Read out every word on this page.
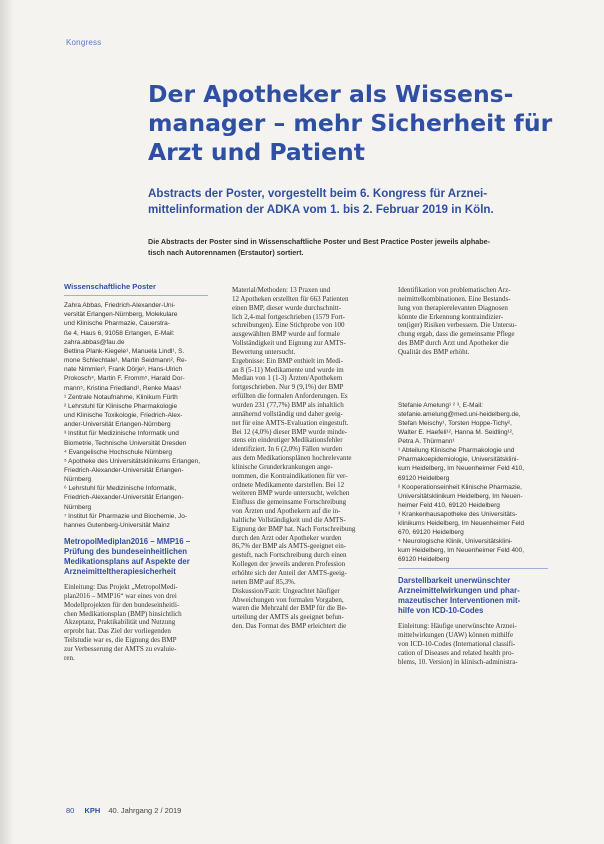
Kongress
Der Apotheker als Wissens-
manager – mehr Sicherheit für
Arzt und Patient

Abstracts der Poster, vorgestellt beim 6. Kongress für Arznei-
mittelinformation der ADKA vom 1. bis 2. Februar 2019 in Köln.

Die Abstracts der Poster sind in Wissenschaftliche Poster und Best Practice Poster jeweils alphabe-
tisch nach Autorennamen (Erstautor) sortiert.

Wissenschaftliche Poster

Zahra Abbas, Friedrich-Alexander-Uni-

versität Erlangen-Nürnberg, Molekulare

und Klinische Pharmazie, Cauerstra-

ße 4, Haus 6, 91058 Erlangen, E-Mail:

zahra.abbas@fau.de

Bettina Plank-Kiegele¹, Manuela Lindl¹, S.

mone Schlechtale¹, Martin Seidmann², Re-

nate Nimmler³, Frank Dörje³, Hans-Ulrich

Prokosch⁴, Martin F. Fromm⁵, Harald Dor-

mann⁵, Kristina Friedland¹, Renke Maas¹

¹ Zentrale Notaufnahme, Klinikum Fürth

² Lehrstuhl für Klinische Pharmakologie

und Klinische Toxikologie, Friedrich-Alex-

ander-Universität Erlangen-Nürnberg

³ Institut für Medizinische Informatik und

Biometrie, Technische Universität Dresden

⁴ Evangelische Hochschule Nürnberg

⁵ Apotheke des Universitätsklinikums Erlangen,

Friedrich-Alexander-Universität Erlangen-

Nürnberg

⁶ Lehrstuhl für Medizinische Informatik,

Friedrich-Alexander-Universität Erlangen-

Nürnberg

⁷ Institut für Pharmazie und Biochemie, Jo-

hannes Gutenberg-Universität Mainz

MetropolMediplan2016 – MMP16 –

Prüfung des bundeseinheitlichen

Medikationsplans auf Aspekte der

Arzneimitteltherapiesicherheit

Einleitung: Das Projekt „MetropolMedi-

plan2016 – MMP16“ war eines von drei

Modellprojekten für den bundeseinheitli-

chen Medikationsplan (BMP) hinsichtlich

Akzeptanz, Praktikabilität und Nutzung

erprobt hat. Das Ziel der vorliegenden

Teilstudie war es, die Eignung des BMP

zur Verbesserung der AMTS zu evaluie-

ren.

Material/Methoden: 13 Praxen und

12 Apotheken erstellten für 663 Patienten

einen BMP, dieser wurde durchschnitt-

lich 2,4-mal fortgeschrieben (1579 Fort-

schreibungen). Eine Stichprobe von 100

ausgewählten BMP wurde auf formale

Vollständigkeit und Eignung zur AMTS-

Bewertung untersucht.

Ergebnisse: Ein BMP enthielt im Medi-

an 8 (5-11) Medikamente und wurde im

Median von 1 (1-3) Ärzten/Apothekern

fortgeschrieben. Nur 9 (9,1%) der BMP

erfüllten die formalen Anforderungen. Es

wurden 231 (77,7%) BMP als inhaltlich

annähernd vollständig und daher geeig-

net für eine AMTS-Evaluation eingestuft.

Bei 12 (4,0%) dieser BMP wurde minde-

stens ein eindeutiger Medikationsfehler

identifiziert. In 6 (2,0%) Fällen wurden

aus dem Medikationsplänen hochrelevante

klinische Grunderkrankungen ange-

nommen, die Kontraindikationen für ver-

ordnete Medikamente darstellen. Bei 12

weiteren BMP wurde untersucht, welchen

Einfluss die gemeinsame Fortschreibung

von Ärzten und Apothekern auf die in-

haltliche Vollständigkeit und die AMTS-

Eignung der BMP hat. Nach Fortschreibung

durch den Arzt oder Apotheker wurden

86,7% der BMP als AMTS-geeignet ein-

gestuft, nach Fortschreibung durch einen

Kollegen der jeweils anderen Profession

erhöhte sich der Anteil der AMTS-geeig-

neten BMP auf 85,3%.

Diskussion/Fazit: Ungeachtet häufiger

Abweichungen von formalen Vorgaben,

waren die Mehrzahl der BMP für die Be-

urteilung der AMTS als geeignet befun-

den. Das Format des BMP erleichtert die

Identifikation von problematischen Arz-

neimittelkombinationen. Eine Bestands-

lung von therapierelevanten Diagnosen

könnte die Erkennung kontraindizier-

ten(iger) Risiken verbessern. Die Untersu-

chung ergab, dass die gemeinsame Pflege

des BMP durch Arzt und Apotheker die

Qualität des BMP erhöht.

Stefanie Amelung¹ ² ³, E-Mail:

stefanie.amelung@med.uni-heidelberg.de,

Stefan Meischy¹, Torsten Hoppe-Tichy²,

Walter E. Haefeli¹², Hanna M. Seidling¹²,

Petra A. Thürmann¹

¹ Abteilung Klinische Pharmakologie und

Pharmakoepidemiologie, Universitätsklini-

kum Heidelberg, Im Neuenheimer Feld 410,

69120 Heidelberg

² Kooperationseinheit Klinische Pharmazie,

Universitätsklinikum Heidelberg, Im Neuen-

heimer Feld 410, 69120 Heidelberg

³ Krankenhausapotheke des Universitäts-

klinikums Heidelberg, Im Neuenheimer Feld

670, 69120 Heidelberg

⁴ Neurologische Klinik, Universitätsklini-

kum Heidelberg, Im Neuenheimer Feld 400,

69120 Heidelberg

Darstellbarkeit unerwünschter

Arzneimittelwirkungen und phar-

mazeutischer Interventionen mit-

hilfe von ICD-10-Codes

Einleitung: Häufige unerwünschte Arznei-

mittelwirkungen (UAW) können mithilfe

von ICD-10-Codes (International classifi-

cation of Diseases and related health pro-

blems, 10. Version) in klinisch-administra-

80 KPH 40. Jahrgang 2 / 2019
